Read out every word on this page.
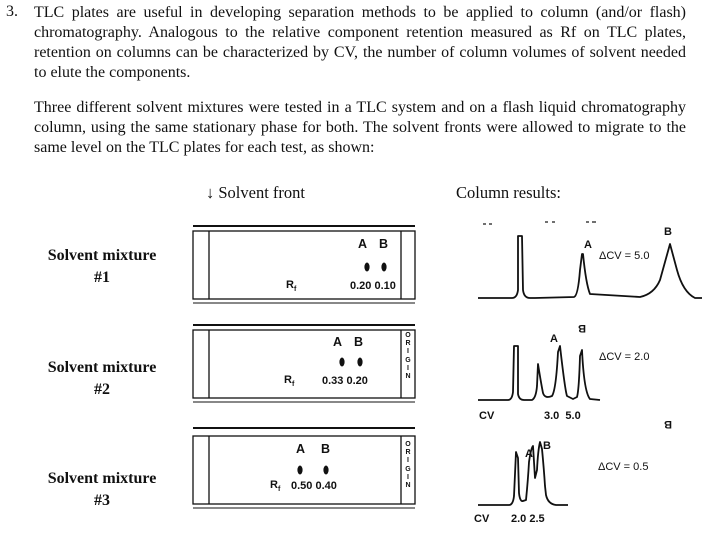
3. TLC plates are useful in developing separation methods to be applied to column (and/or flash) chromatography. Analogous to the relative component retention measured as Rf on TLC plates, retention on columns can be characterized by CV, the number of column volumes of solvent needed to elute the components.

Three different solvent mixtures were tested in a TLC system and on a flash liquid chromatography column, using the same stationary phase for both. The solvent fronts were allowed to migrate to the same level on the TLC plates for each test, as shown:

↓ Solvent front	Column results:
Solvent mixture
#1
Solvent mixture
#2
Solvent mixture
#3
A B
$R_f$	0.20 0.10
A B
$R_f$	0.33 0.20
O
R
I
G
I
N
A B
$R_f$ 0.50 0.40
O
R
I
G
I
N
A
B
ΔCV = 5.0
A
B
ΔCV = 2.0
CV	3.0  5.0
A
B
B
ΔCV = 0.5
CV 2.0 2.5
